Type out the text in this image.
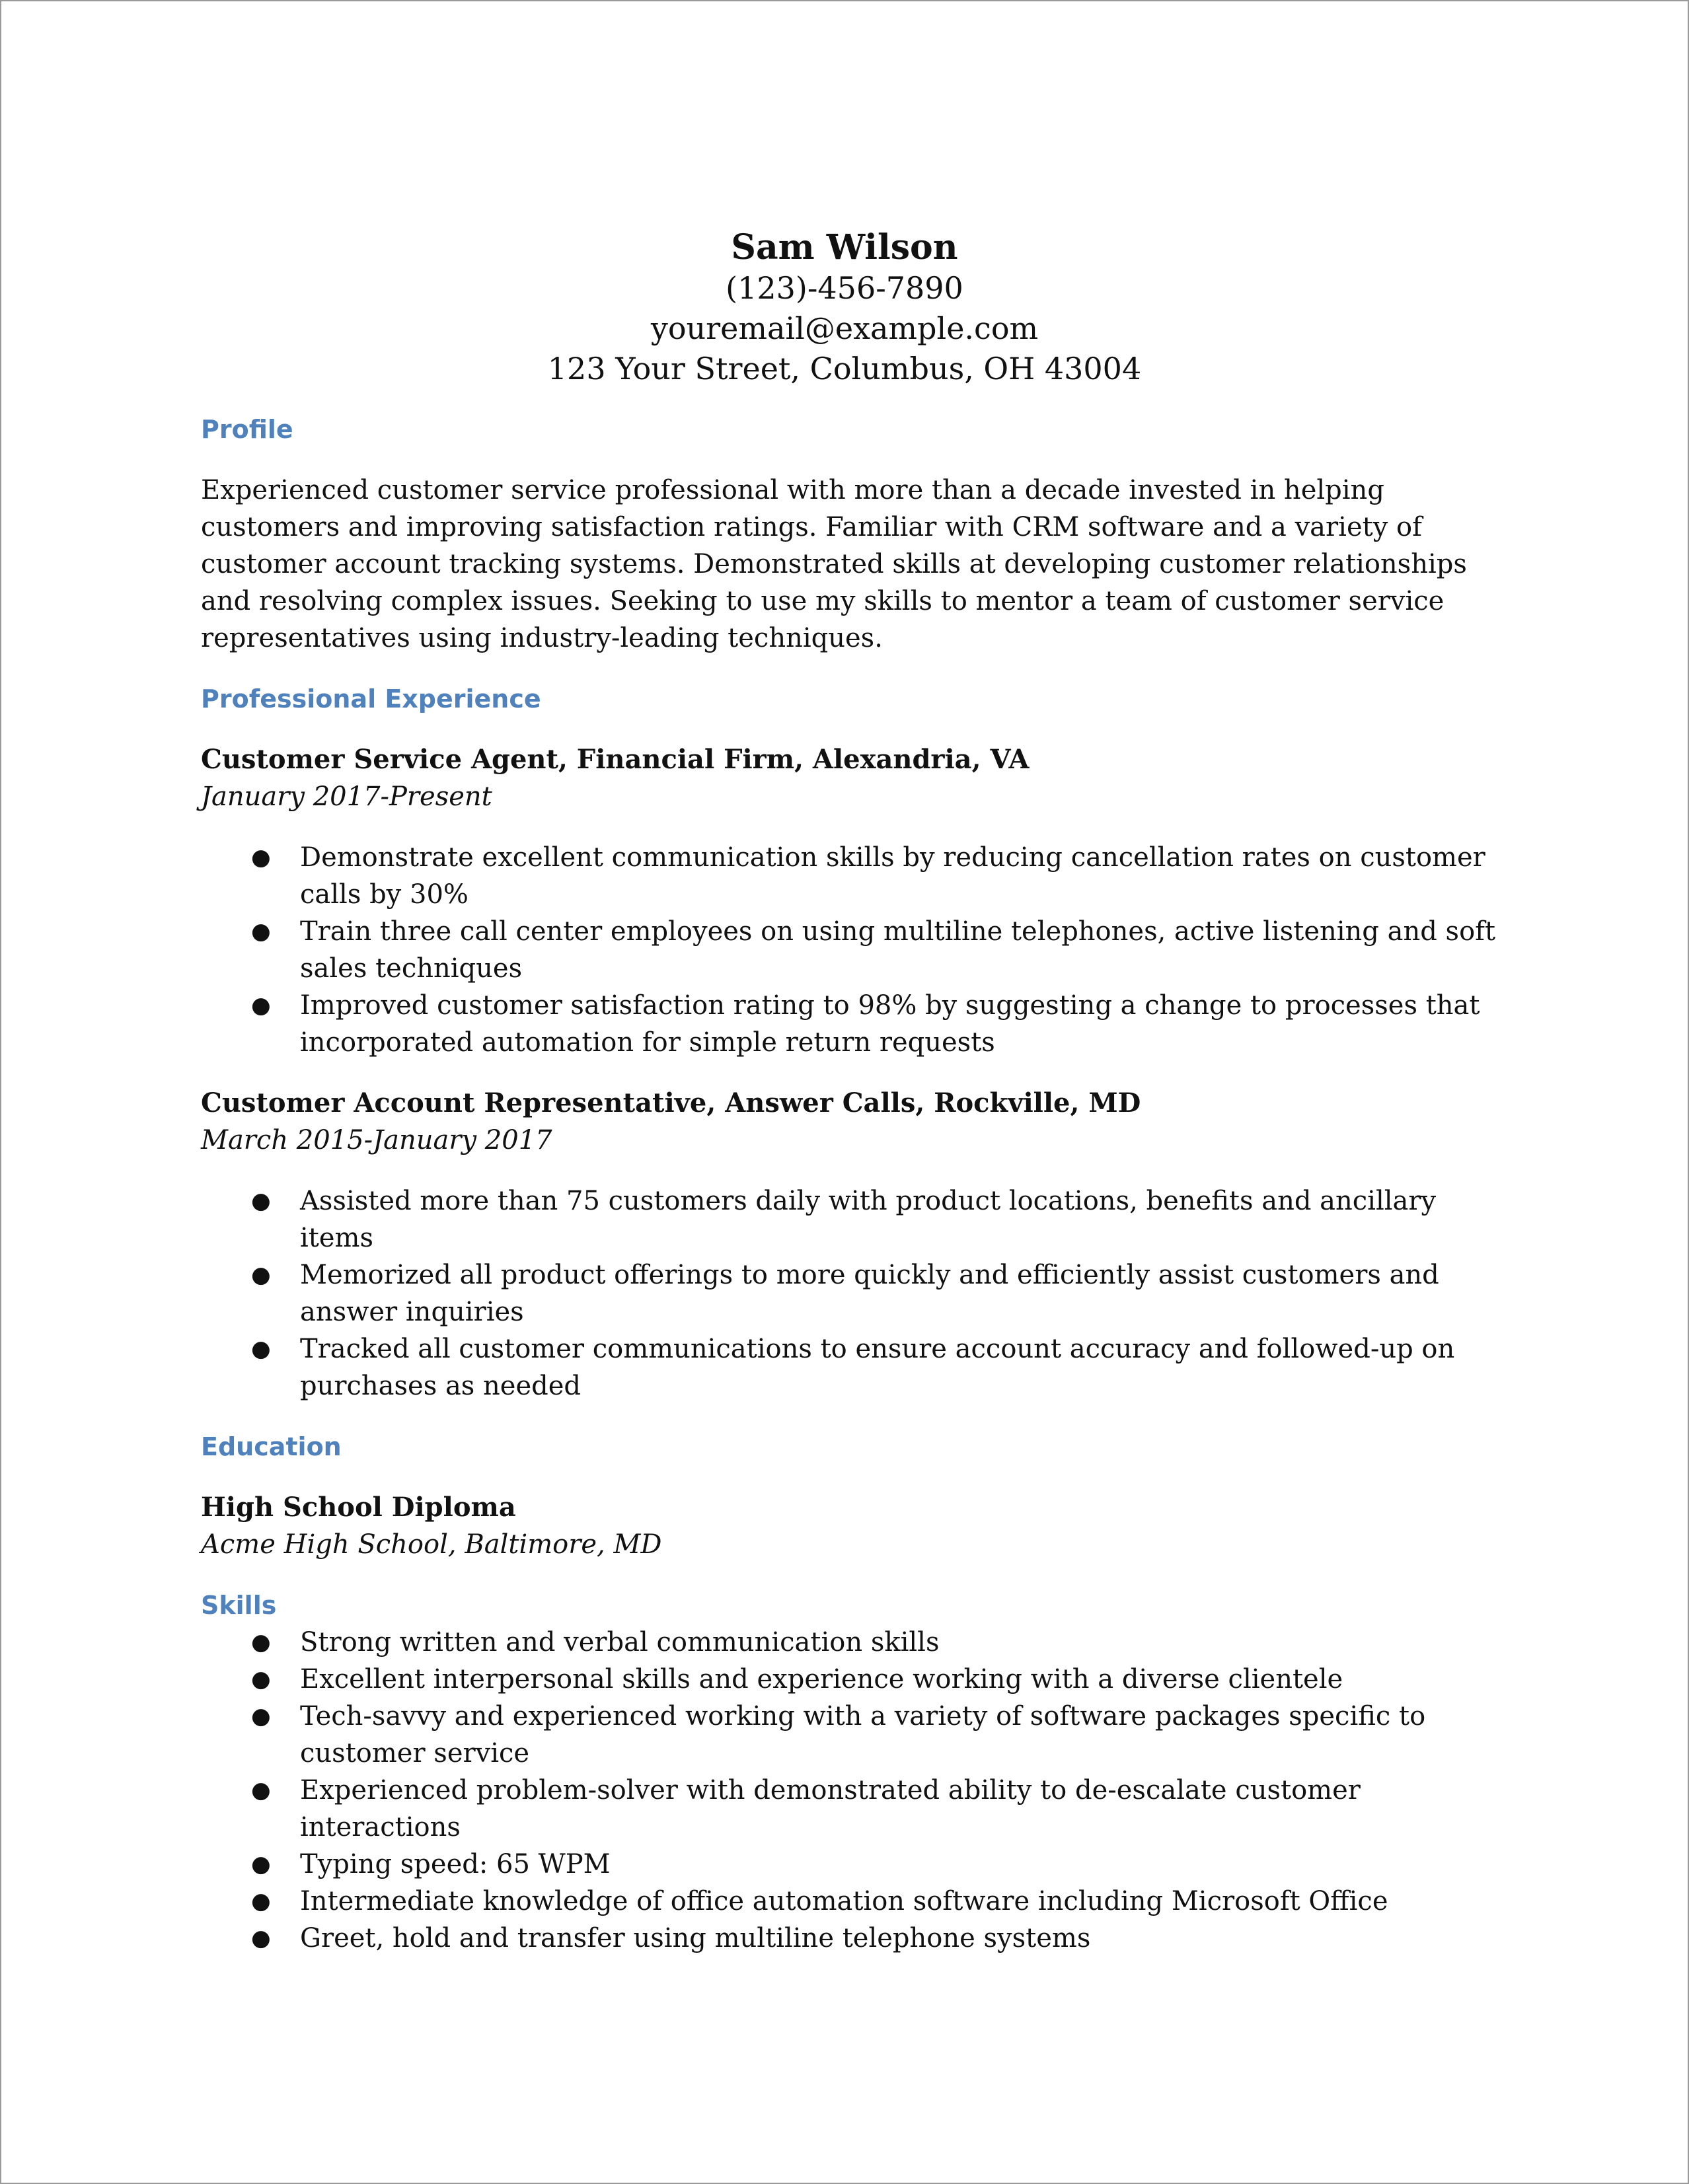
Sam Wilson
(123)-456-7890
youremail@example.com
123 Your Street, Columbus, OH 43004
Profile
Experienced customer service professional with more than a decade invested in helping customers and improving satisfaction ratings. Familiar with CRM software and a variety of customer account tracking systems. Demonstrated skills at developing customer relationships and resolving complex issues. Seeking to use my skills to mentor a team of customer service representatives using industry-leading techniques.
Professional Experience
Customer Service Agent, Financial Firm, Alexandria, VA
January 2017-Present
● Demonstrate excellent communication skills by reducing cancellation rates on customer calls by 30%
● Train three call center employees on using multiline telephones, active listening and soft sales techniques
● Improved customer satisfaction rating to 98% by suggesting a change to processes that incorporated automation for simple return requests
Customer Account Representative, Answer Calls, Rockville, MD
March 2015-January 2017
● Assisted more than 75 customers daily with product locations, benefits and ancillary items
● Memorized all product offerings to more quickly and efficiently assist customers and answer inquiries
● Tracked all customer communications to ensure account accuracy and followed-up on purchases as needed
Education
High School Diploma
Acme High School, Baltimore, MD
Skills
● Strong written and verbal communication skills
● Excellent interpersonal skills and experience working with a diverse clientele
● Tech-savvy and experienced working with a variety of software packages specific to customer service
● Experienced problem-solver with demonstrated ability to de-escalate customer interactions
● Typing speed: 65 WPM
● Intermediate knowledge of office automation software including Microsoft Office
● Greet, hold and transfer using multiline telephone systems
